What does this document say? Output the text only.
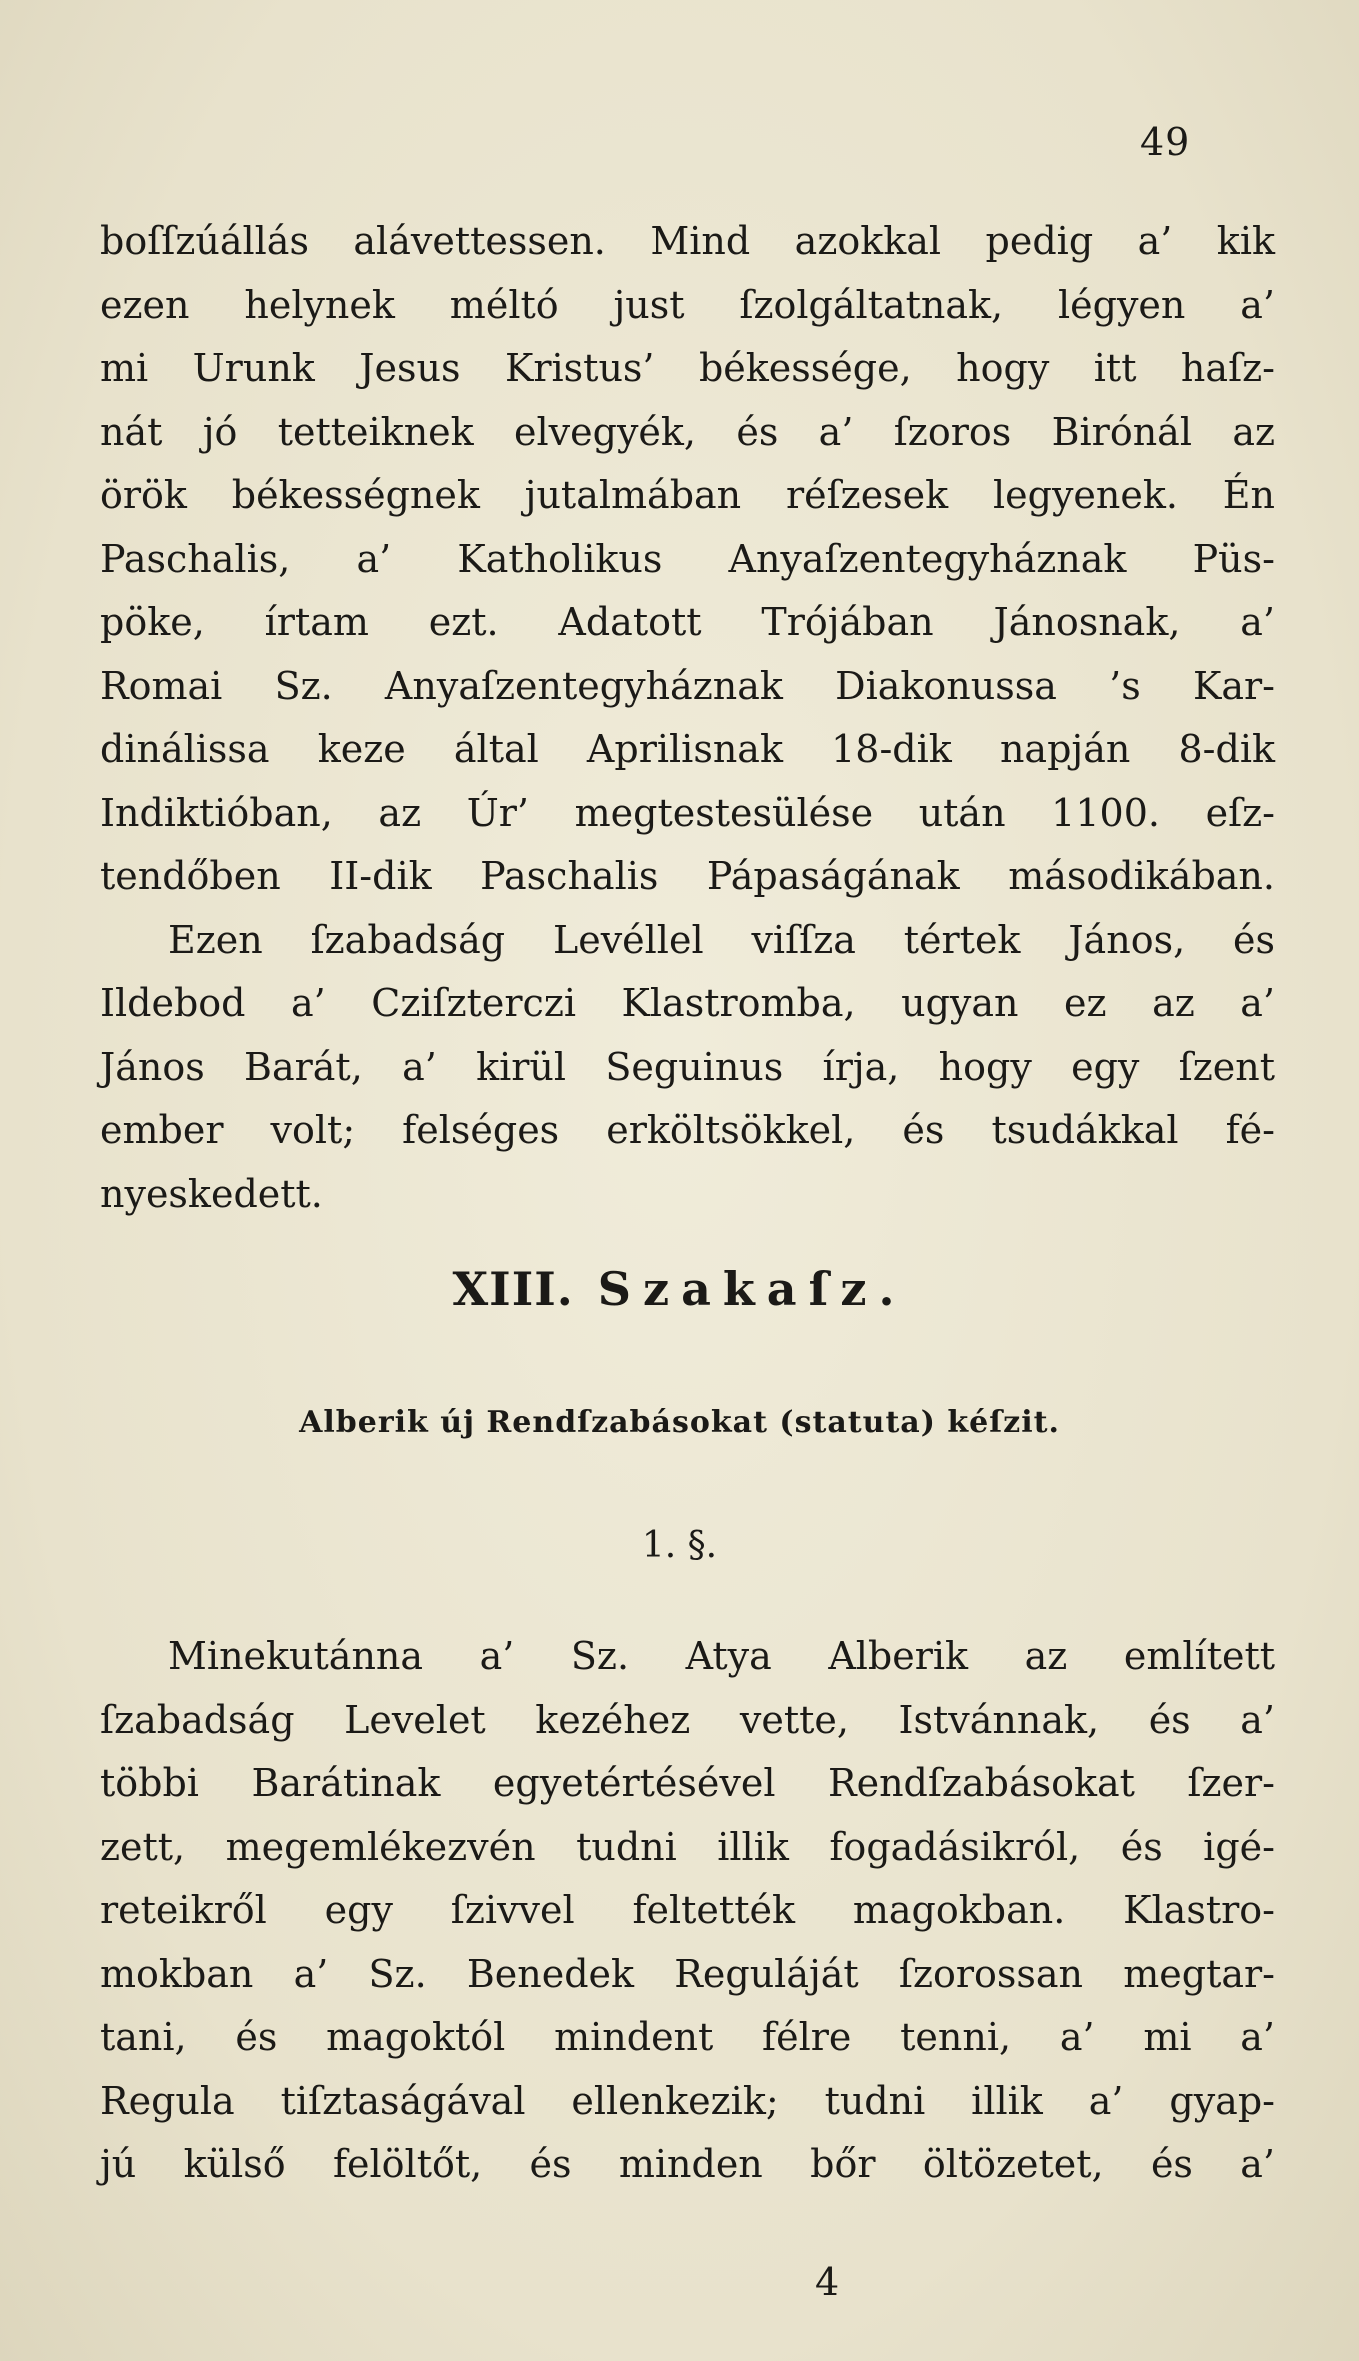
49
boſſzúállás alávettessen. Mind azokkal pedig a’ kik
ezen helynek méltó just ſzolgáltatnak, légyen a’
mi Urunk Jesus Kristus’ békessége, hogy itt haſz-
nát jó tetteiknek elvegyék, és a’ ſzoros Birónál az
örök békességnek jutalmában réſzesek legyenek. Én
Paschalis, a’ Katholikus Anyaſzentegyháznak Püs-
pöke, írtam ezt. Adatott Trójában Jánosnak, a’
Romai Sz. Anyaſzentegyháznak Diakonussa ’s Kar-
dinálissa keze által Aprilisnak 18-dik napján 8-dik
Indiktióban, az Úr’ megtestesülése után 1100. eſz-
tendőben II-dik Paschalis Pápaságának másodikában.
Ezen ſzabadság Levéllel viſſza tértek János, és
Ildebod a’ Cziſzterczi Klastromba, ugyan ez az a’
János Barát, a’ kirül Seguinus írja, hogy egy ſzent
ember volt; felséges erköltsökkel, és tsudákkal fé-
nyeskedett.
XIII. Szakaſz.
Alberik új Rendſzabásokat (statuta) kéſzit.
1. §.
Minekutánna a’ Sz. Atya Alberik az említett
ſzabadság Levelet kezéhez vette, Istvánnak, és a’
többi Barátinak egyetértésével Rendſzabásokat ſzer-
zett, megemlékezvén tudni illik fogadásikról, és igé-
reteikről egy ſzivvel feltették magokban. Klastro-
mokban a’ Sz. Benedek Reguláját ſzorossan megtar-
tani, és magoktól mindent félre tenni, a’ mi a’
Regula tiſztaságával ellenkezik; tudni illik a’ gyap-
jú külső felöltőt, és minden bőr öltözetet, és a’
4
